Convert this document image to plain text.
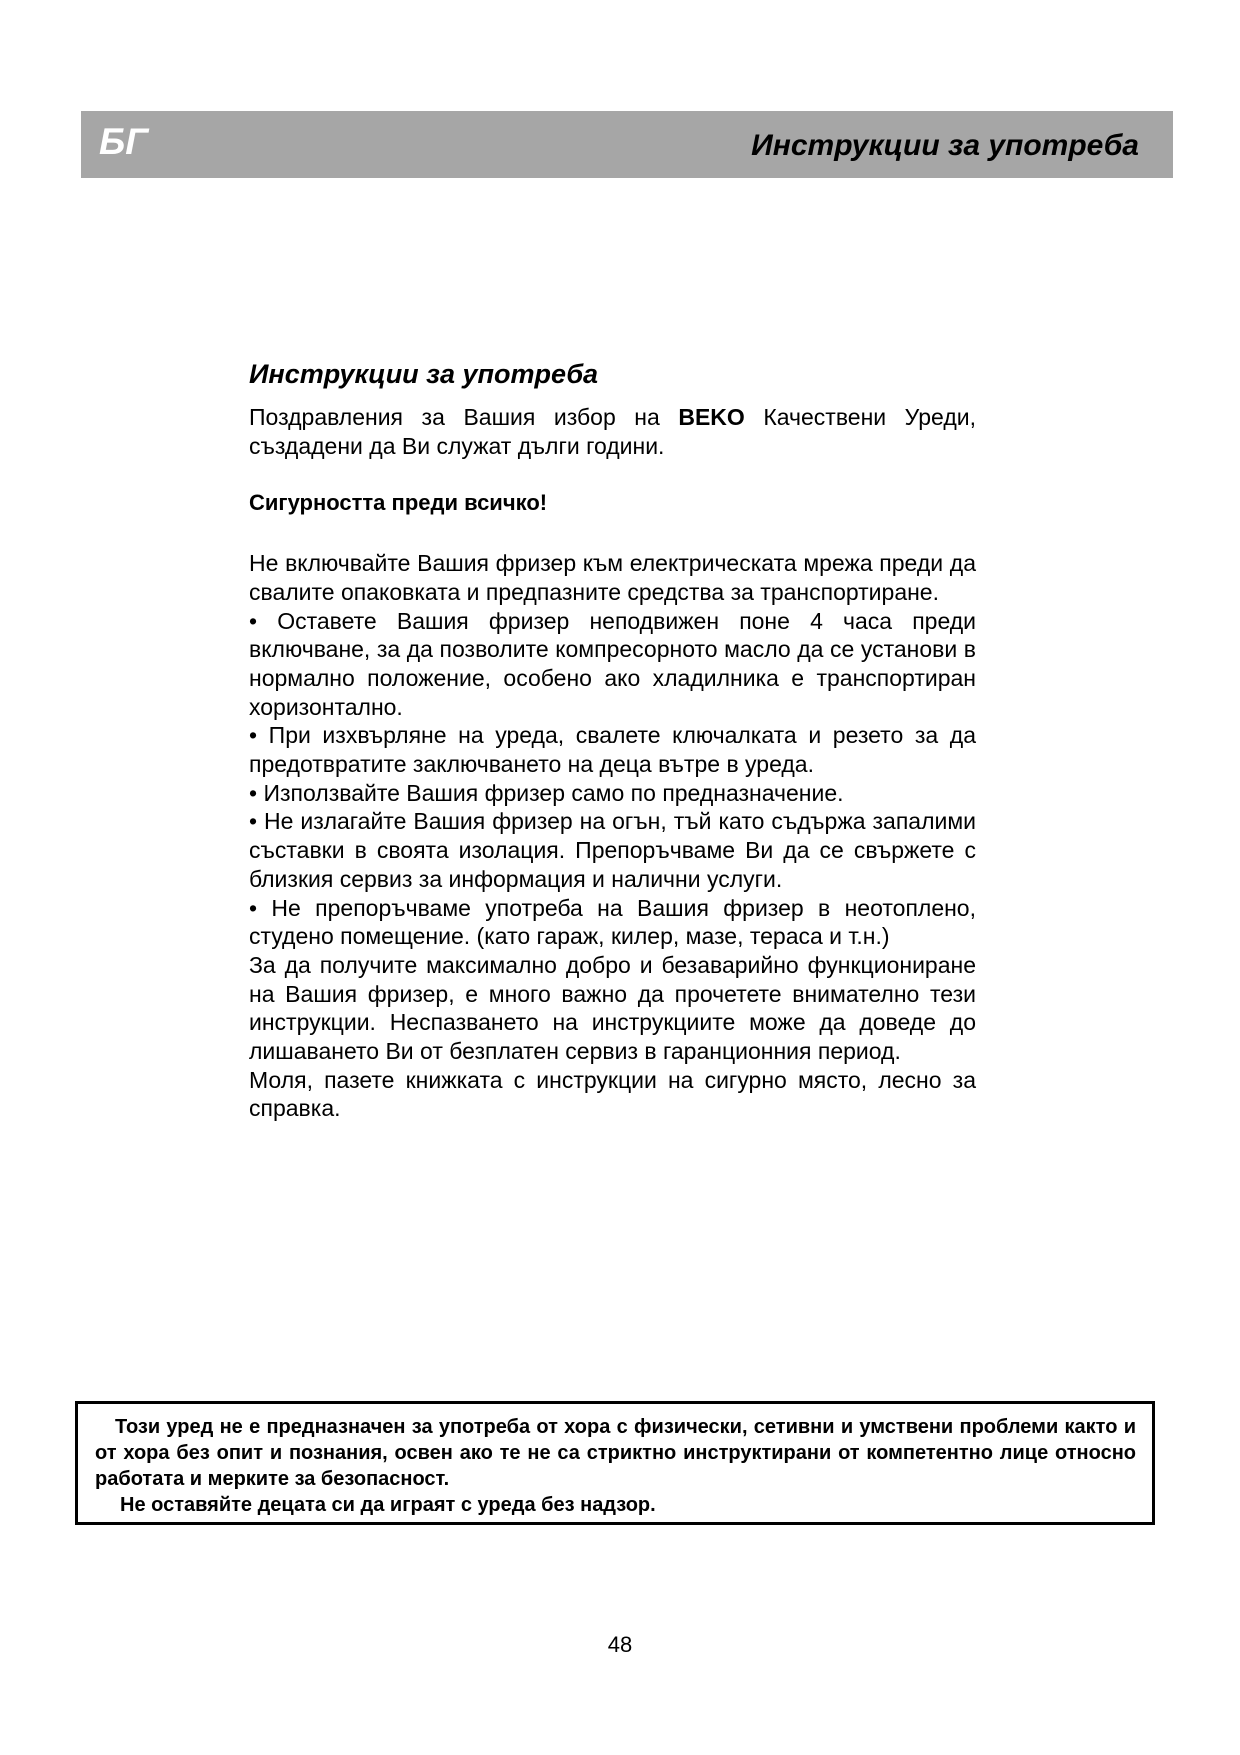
БГ	Инструкции за употреба
Инструкции за употреба

Поздравления за Вашия избор на BEKO Качествени Уреди, създадени да Ви служат дълги години.

Сигурността преди всичко!

Не включвайте Вашия фризер към електрическата мрежа преди да свалите опаковката и предпазните средства за транспортиране.

• Оставете Вашия фризер неподвижен поне 4 часа преди включване, за да позволите компресорното масло да се установи в нормално положение, особено ако хладилника е транспортиран хоризонтално.

• При изхвърляне на уреда, свалете ключалката и резето за да предотвратите заключването на деца вътре в уреда.

• Използвайте Вашия фризер само по предназначение.

• Не излагайте Вашия фризер на огън, тъй като съдържа запалими съставки в своята изолация. Препоръчваме Ви да се свържете с близкия сервиз за информация и налични услуги.

• Не препоръчваме употреба на Вашия фризер в неотоплено, студено помещение. (като гараж, килер, мазе, тераса и т.н.)

За да получите максимално добро и безаварийно функциониране на Вашия фризер, е много важно да прочетете внимателно тези инструкции. Неспазването на инструкциите може да доведе до лишаването Ви от безплатен сервиз в гаранционния период.

Моля, пазете книжката с инструкции на сигурно място, лесно за справка.

Този уред не е предназначен за употреба от хора с физически, сетивни и умствени проблеми както и от хора без опит и познания, освен ако те не са стриктно инструктирани от компетентно лице относно работата и мерките за безопасност.

Не оставяйте децата си да играят с уреда без надзор.

48
